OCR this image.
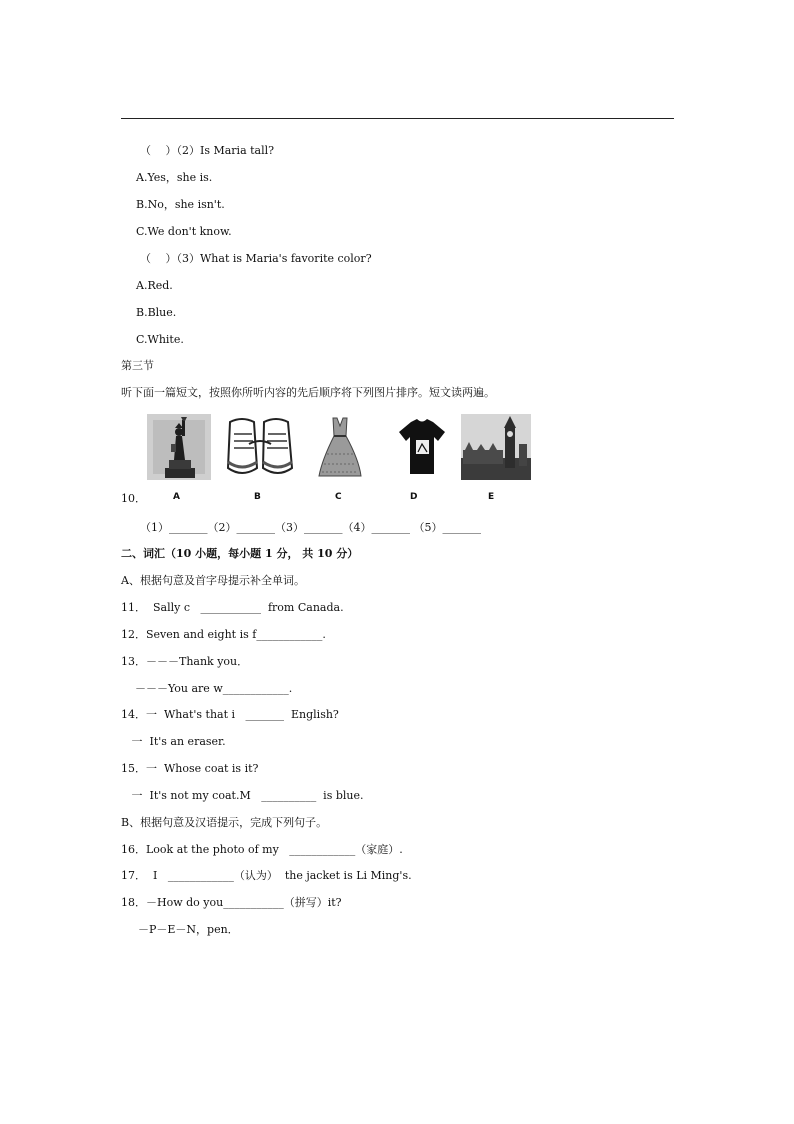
（　 ）（2）Is Maria tall?
A.Yes，she is.
B.No，she isn't.
C.We don't know.
（　 ）（3）What is Maria's favorite color?
A.Red.
B.Blue.
C.White.
第三节
听下面一篇短文，按照你所听内容的先后顺序将下列图片排序。短文读两遍。
10．	A	B	C	D	E
（1）_______（2）_______（3）_______（4）_______ （5）_______
二、词汇（10 小题，每小题 1 分， 共 10 分）
A、根据句意及首字母提示补全单词。
11．  Sally c   ___________  from Canada.
12．Seven and eight is f____________.
13．－－－Thank you．
－－－You are w____________.
14．一  What's that i   _______  English?
一  It's an eraser.
15．一  Whose coat is it?
一  It's not my coat.M   __________  is blue.
B、根据句意及汉语提示，完成下列句子。
16．Look at the photo of my   ____________（家庭）.
17．  I   ____________（认为）  the jacket is Li Ming's.
18．－How do you___________（拼写）it?
－P－E－N，pen．
